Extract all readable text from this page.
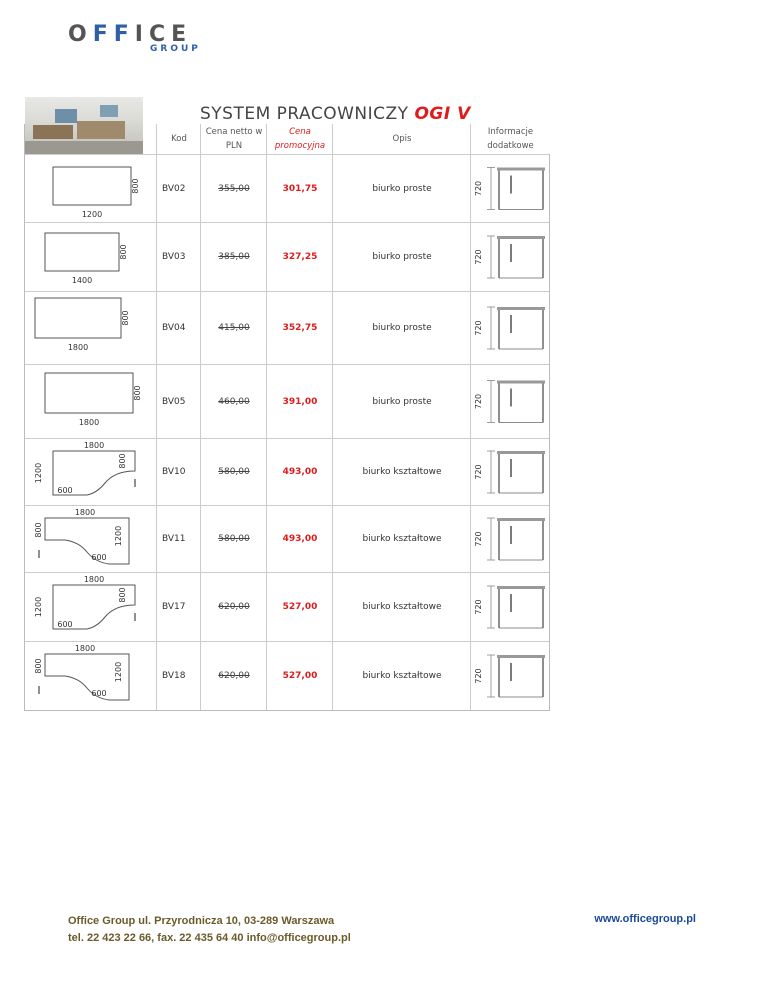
OFFICE
GROUP
SYSTEM PRACOWNICZY OGI V
Kod
Cena netto w PLN
Cena promocyjna
Opis
Informacje dodatkowe
1200
800	BV02	355,00	301,75	biurko proste	720
1400
800	BV03	385,00	327,25	biurko proste	720
1800
800
BV04	415,00	352,75	biurko proste	720
1800
800
BV05	460,00	391,00	biurko proste	720
1800
1200
800
600
BV10	580,00	493,00	biurko kształtowe	720
1800
800	1200
600
BV11	580,00	493,00	biurko kształtowe	720
1800
1200
800
600
BV17	620,00	527,00	biurko kształtowe	720
1800
800	1200
600
BV18	620,00	527,00	biurko kształtowe	720
Office Group ul. Przyrodnicza 10, 03-289 Warszawa
tel. 22 423 22 66, fax. 22 435 64 40 info@officegroup.pl
www.officegroup.pl
